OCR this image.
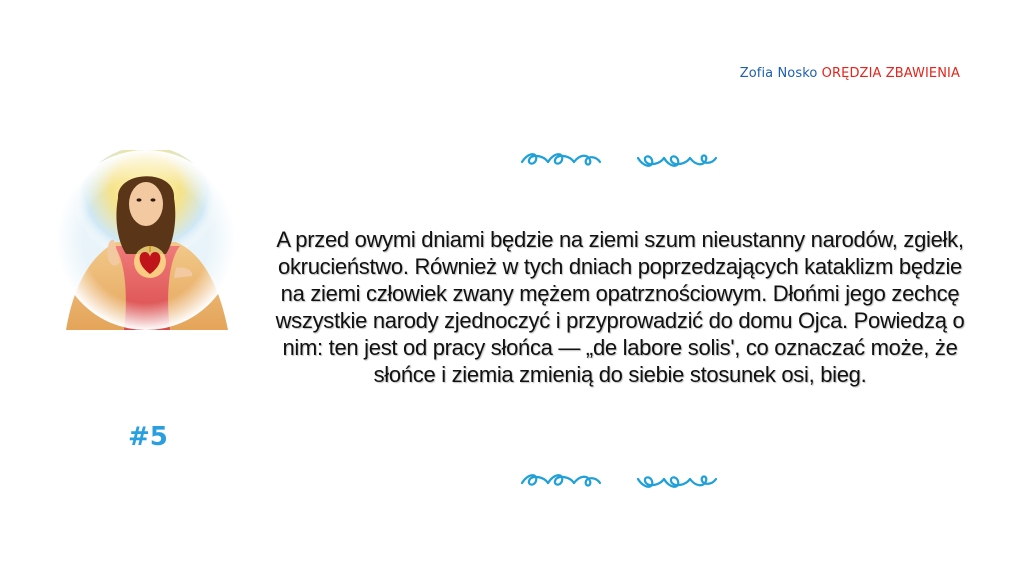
Zofia Nosko ORĘDZIA ZBAWIENIA
#5
A przed owymi dniami będzie na ziemi szum nieustanny narodów, zgiełk, okrucieństwo. Również w tych dniach poprzedzających kataklizm będzie na ziemi człowiek zwany mężem opatrznościowym. Dłońmi jego zechcę wszystkie narody zjednoczyć i przyprowadzić do domu Ojca. Powiedzą o nim: ten jest od pracy słońca — „de labore solis', co oznaczać może, że słońce i ziemia zmienią do siebie stosunek osi, bieg.
